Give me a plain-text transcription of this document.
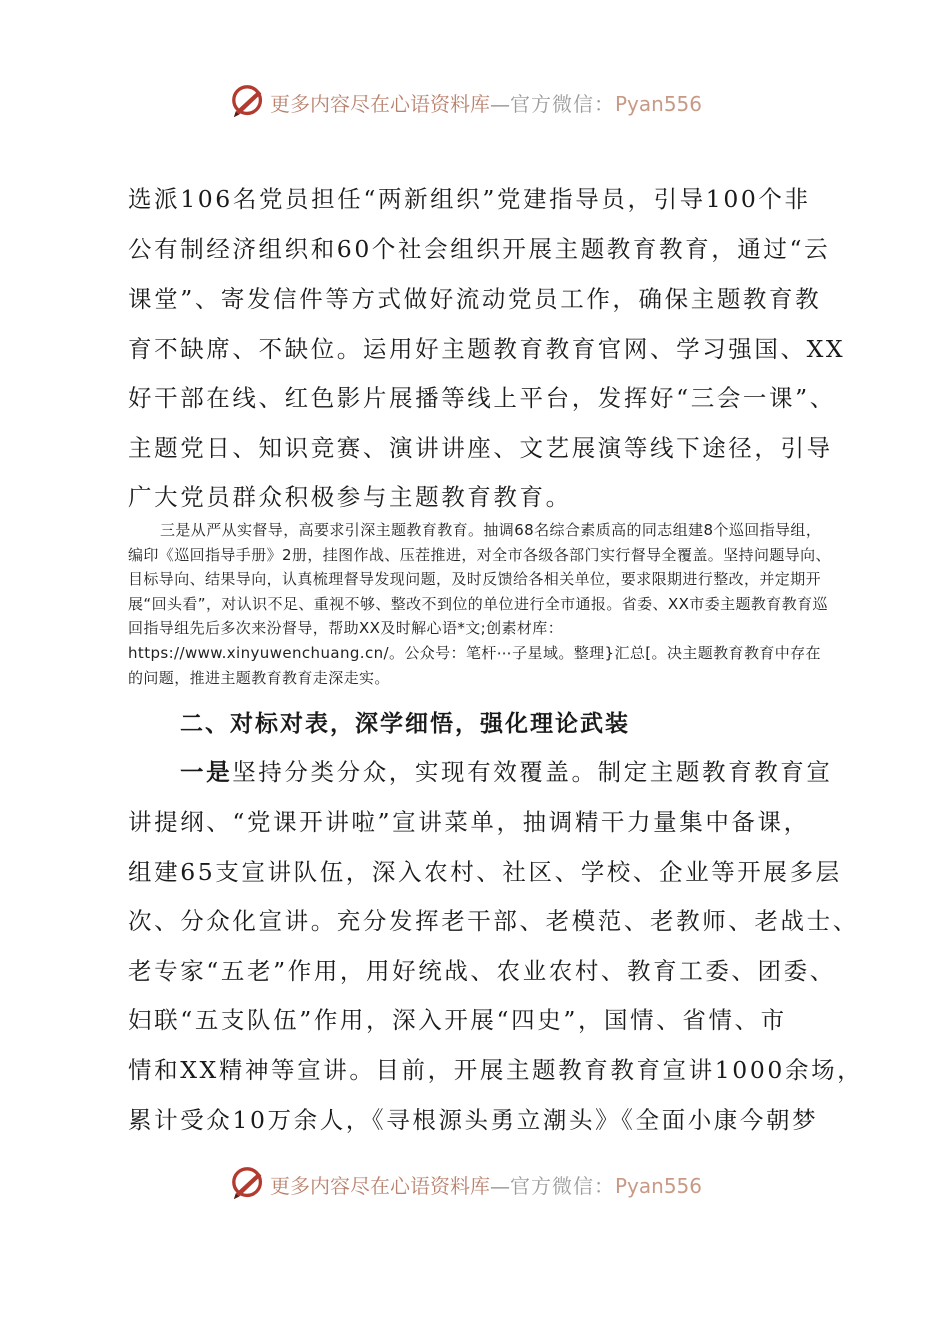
更多内容尽在心语资料库—官方微信：Pyan556
选派106名党员担任“两新组织”党建指导员，引导100个非
公有制经济组织和60个社会组织开展主题教育教育，通过“云
课堂”、寄发信件等方式做好流动党员工作，确保主题教育教
育不缺席、不缺位。运用好主题教育教育官网、学习强国、XX
好干部在线、红色影片展播等线上平台，发挥好“三会一课”、
主题党日、知识竞赛、演讲讲座、文艺展演等线下途径，引导
广大党员群众积极参与主题教育教育。
三是从严从实督导，高要求引深主题教育教育。抽调68名综合素质高的同志组建8个巡回指导组，编印《巡回指导手册》2册，挂图作战、压茬推进，对全市各级各部门实行督导全覆盖。坚持问题导向、目标导向、结果导向，认真梳理督导发现问题，及时反馈给各相关单位，要求限期进行整改，并定期开展“回头看”，对认识不足、重视不够、整改不到位的单位进行全市通报。省委、XX市委主题教育教育巡回指导组先后多次来汾督导，帮助XX及时解心语*文;创素材库：https://www.xinyuwenchuang.cn/。公众号：笔杆⋯子星域。整理}汇总[。决主题教育教育中存在的问题，推进主题教育教育走深走实。
二、对标对表，深学细悟，强化理论武装
一是坚持分类分众，实现有效覆盖。制定主题教育教育宣
讲提纲、“党课开讲啦”宣讲菜单，抽调精干力量集中备课，
组建65支宣讲队伍，深入农村、社区、学校、企业等开展多层
次、分众化宣讲。充分发挥老干部、老模范、老教师、老战士、
老专家“五老”作用，用好统战、农业农村、教育工委、团委、
妇联“五支队伍”作用，深入开展“四史”，国情、省情、市
情和XX精神等宣讲。目前，开展主题教育教育宣讲1000余场，
累计受众10万余人，《寻根源头勇立潮头》《全面小康今朝梦
更多内容尽在心语资料库—官方微信：Pyan556
